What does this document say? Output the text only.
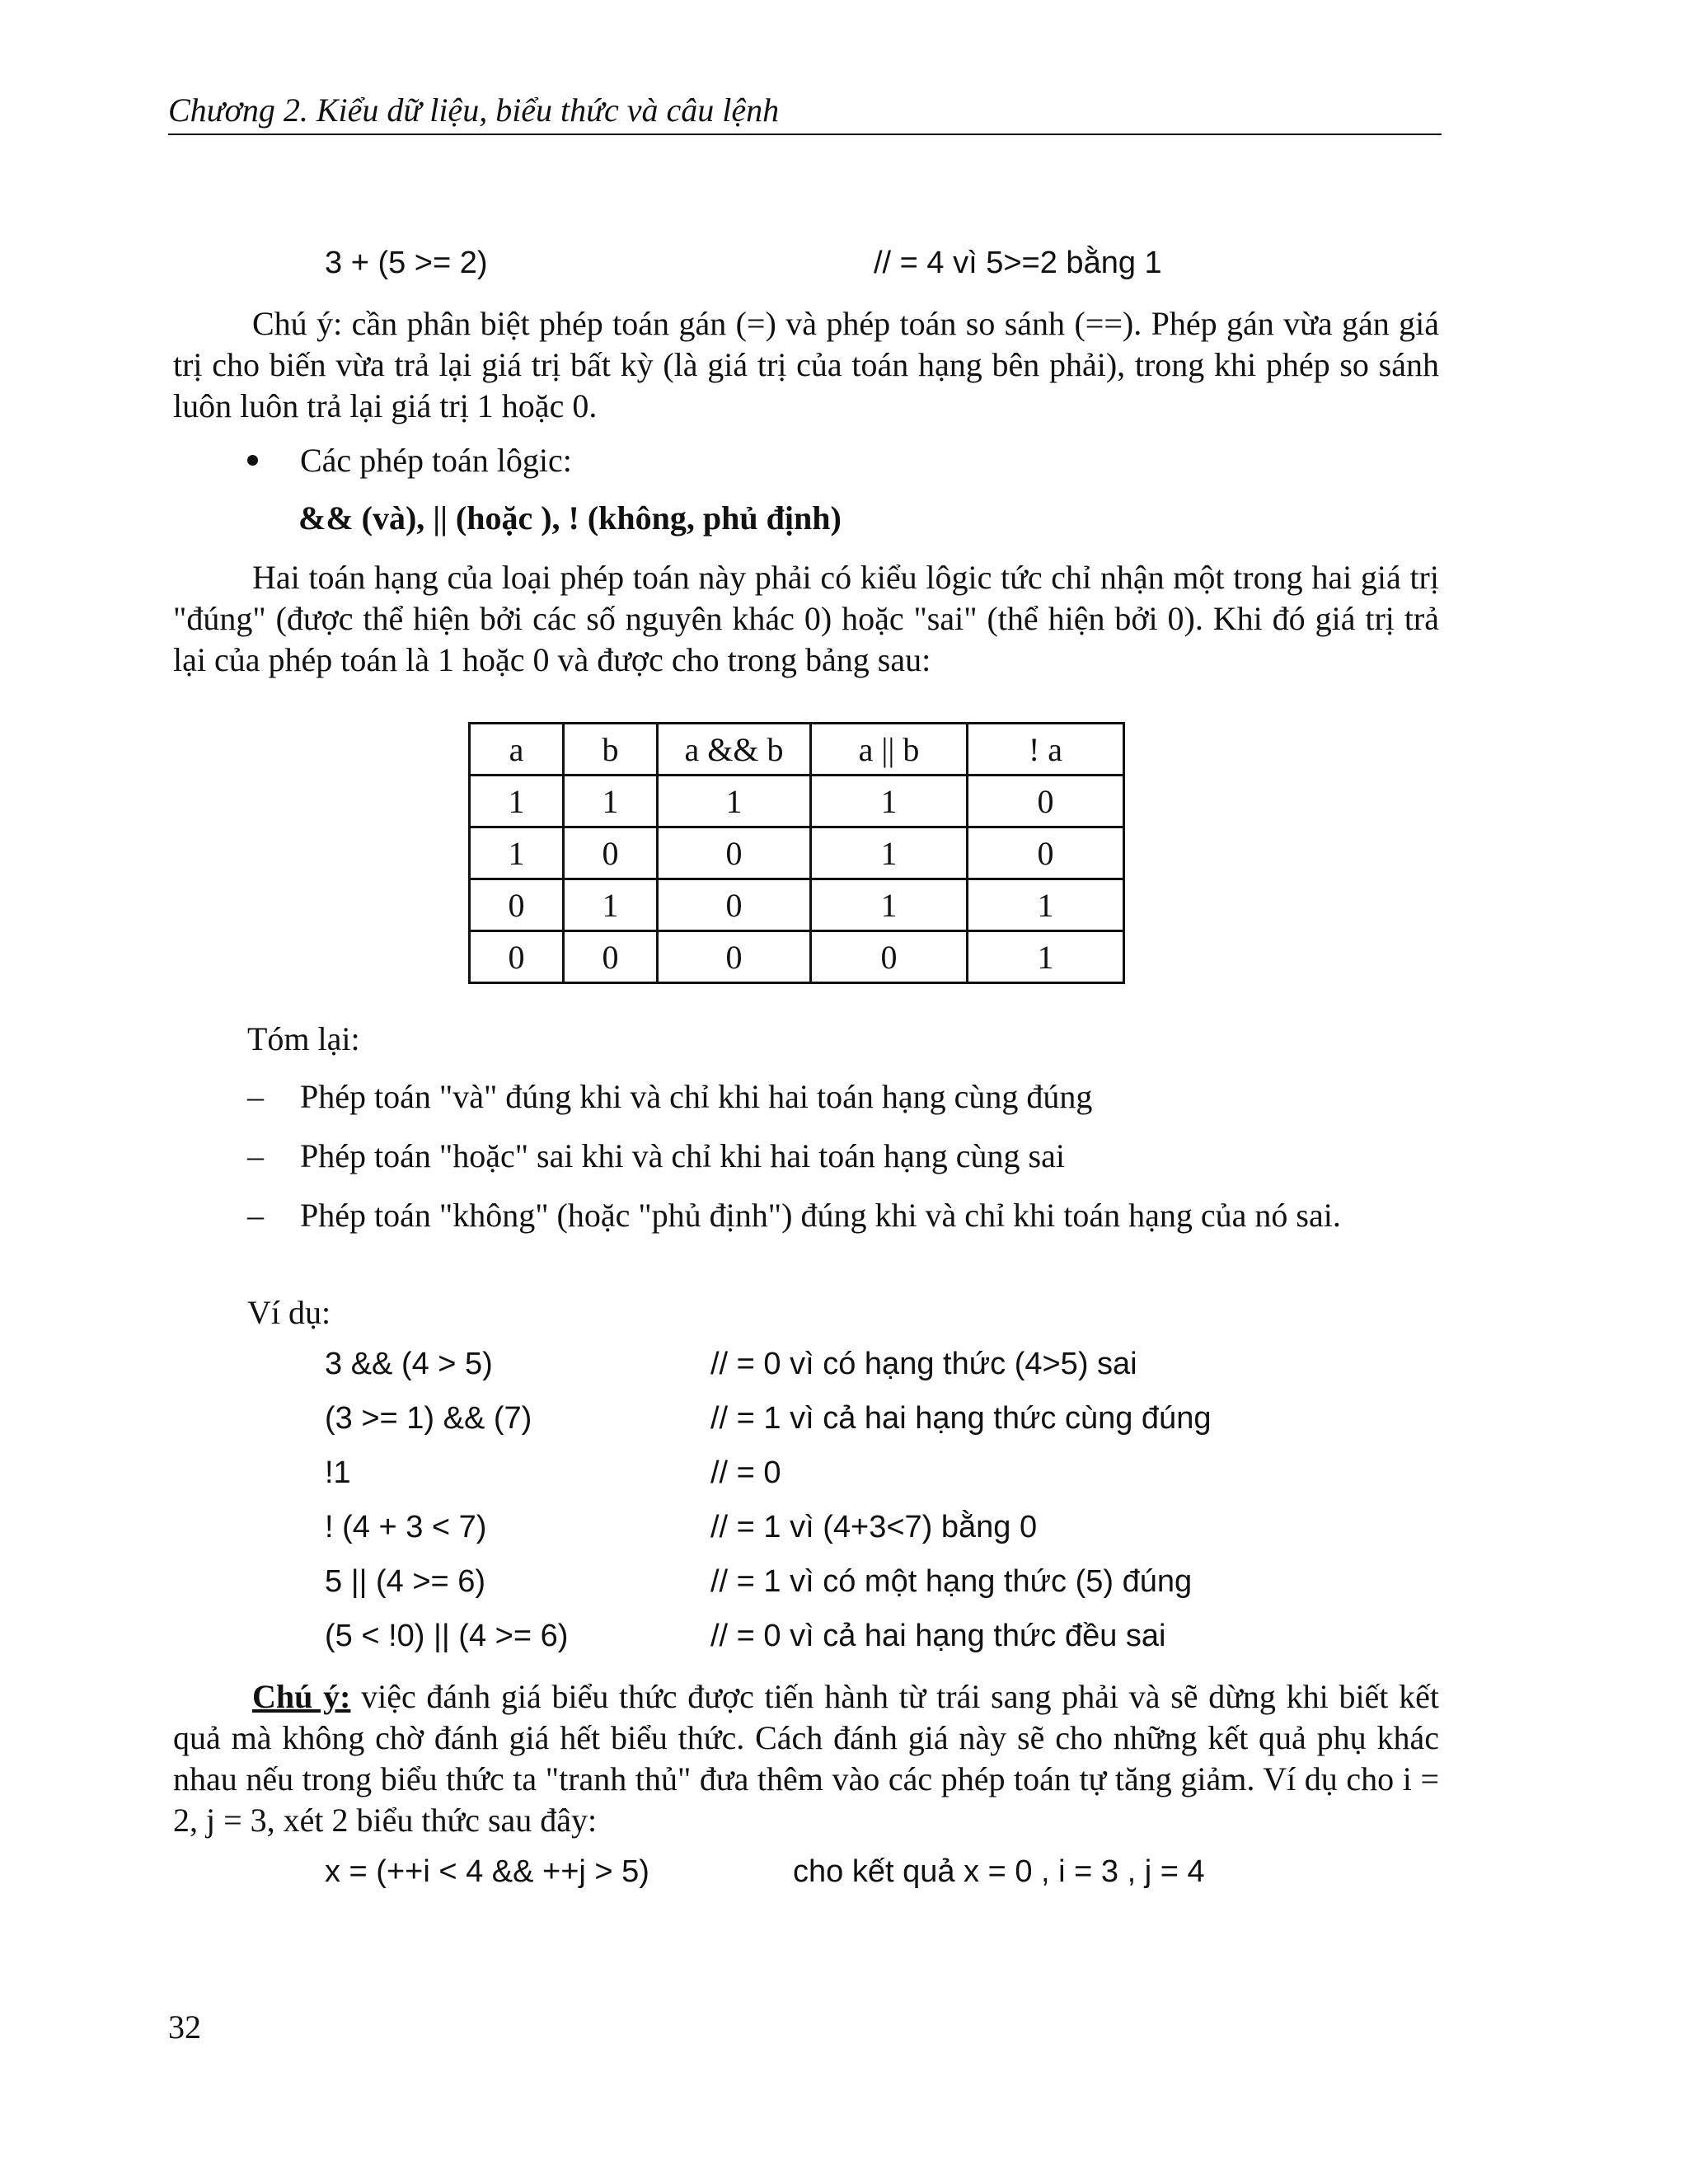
Chương 2. Kiểu dữ liệu, biểu thức và câu lệnh
3 + (5 >= 2)	// = 4 vì 5>=2 bằng 1
Chú ý: cần phân biệt phép toán gán (=) và phép toán so sánh (==). Phép gán vừa gán giá trị cho biến vừa trả lại giá trị bất kỳ (là giá trị của toán hạng bên phải), trong khi phép so sánh luôn luôn trả lại giá trị 1 hoặc 0.
Các phép toán lôgic:
&& (và), || (hoặc ), ! (không, phủ định)
Hai toán hạng của loại phép toán này phải có kiểu lôgic tức chỉ nhận một trong hai giá trị "đúng" (được thể hiện bởi các số nguyên khác 0) hoặc "sai" (thể hiện bởi 0). Khi đó giá trị trả lại của phép toán là 1 hoặc 0 và được cho trong bảng sau:
a	b	a && b	a || b	! a
1	1	1	1	0
1	0	0	1	0
0	1	0	1	1
0	0	0	0	1
Tóm lại:
– Phép toán "và" đúng khi và chỉ khi hai toán hạng cùng đúng
– Phép toán "hoặc" sai khi và chỉ khi hai toán hạng cùng sai
– Phép toán "không" (hoặc "phủ định") đúng khi và chỉ khi toán hạng của nó sai.
Ví dụ:
3 && (4 > 5)	// = 0 vì có hạng thức (4>5) sai
(3 >= 1) && (7)	// = 1 vì cả hai hạng thức cùng đúng
!1	// = 0
! (4 + 3 < 7)	// = 1 vì (4+3<7) bằng 0
5 || (4 >= 6)	// = 1 vì có một hạng thức (5) đúng
(5 < !0) || (4 >= 6)	// = 0 vì cả hai hạng thức đều sai
Chú ý: việc đánh giá biểu thức được tiến hành từ trái sang phải và sẽ dừng khi biết kết quả mà không chờ đánh giá hết biểu thức. Cách đánh giá này sẽ cho những kết quả phụ khác nhau nếu trong biểu thức ta "tranh thủ" đưa thêm vào các phép toán tự tăng giảm. Ví dụ cho i = 2, j = 3, xét 2 biểu thức sau đây:
x = (++i < 4 && ++j > 5)	cho kết quả x = 0 , i = 3 , j = 4
32
